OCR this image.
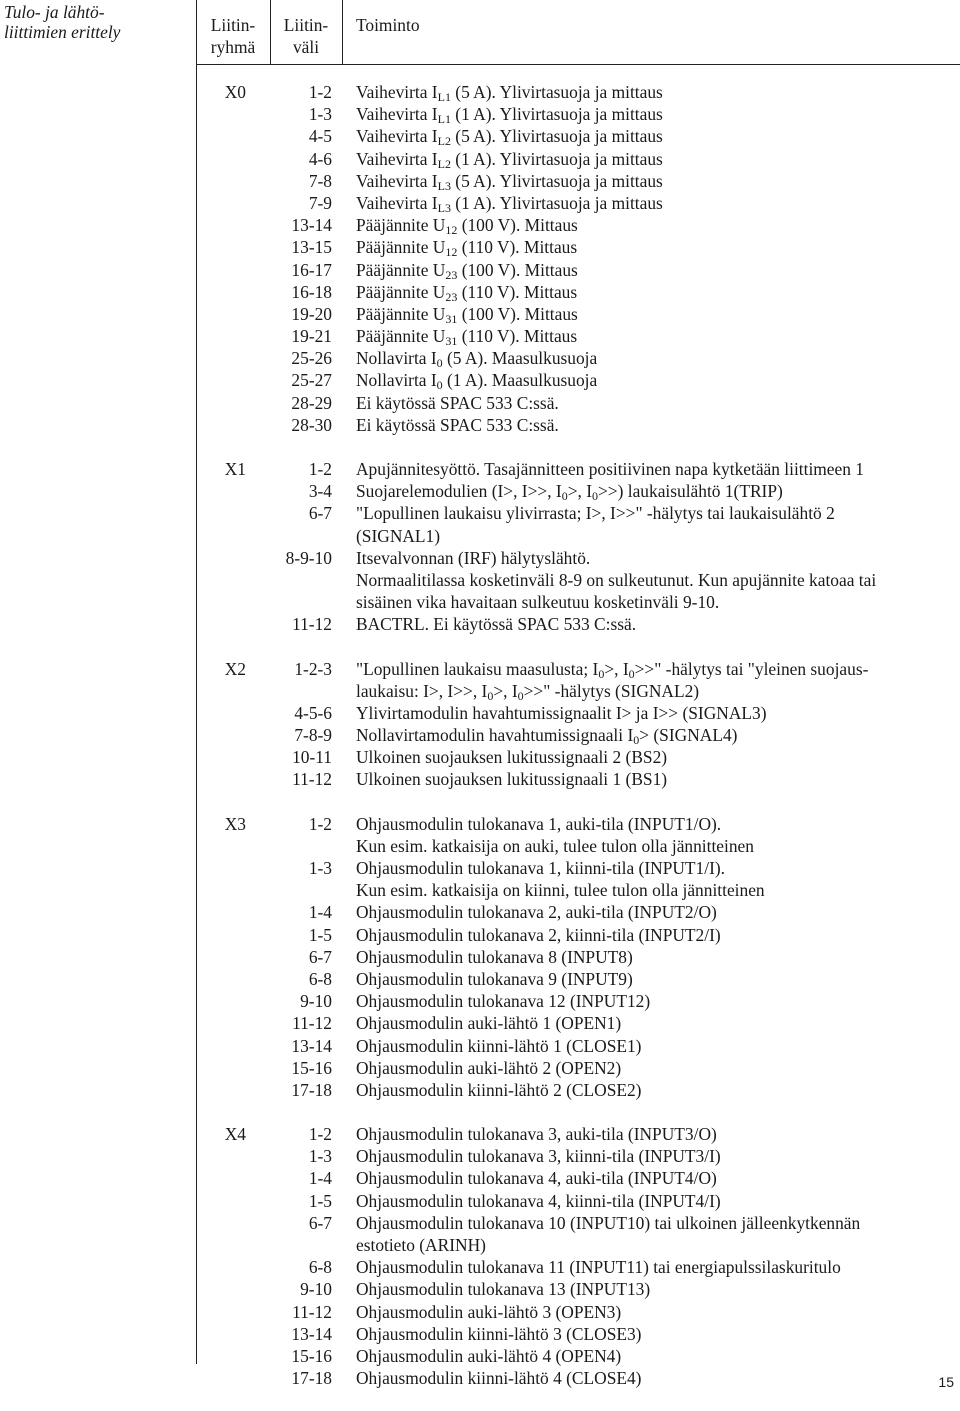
Tulo- ja lähtö-
liittimien erittely	Liitin-
ryhmä
Liitin-
väli
Toiminto
X0	1-2 Vaihevirta $I_{L1}$ (5 A). Ylivirtasuoja ja mittaus
1-3 Vaihevirta $I_{L1}$ (1 A). Ylivirtasuoja ja mittaus
4-5 Vaihevirta $I_{L2}$ (5 A). Ylivirtasuoja ja mittaus
4-6 Vaihevirta $I_{L2}$ (1 A). Ylivirtasuoja ja mittaus
7-8 Vaihevirta $I_{L3}$ (5 A). Ylivirtasuoja ja mittaus
7-9 Vaihevirta $I_{L3}$ (1 A). Ylivirtasuoja ja mittaus
13-14 Pääjännite $U_{12}$ (100 V). Mittaus
13-15 Pääjännite $U_{12}$ (110 V). Mittaus
16-17 Pääjännite $U_{23}$ (100 V). Mittaus
16-18 Pääjännite $U_{23}$ (110 V). Mittaus
19-20 Pääjännite $U_{31}$ (100 V). Mittaus
19-21 Pääjännite $U_{31}$ (110 V). Mittaus
25-26 Nollavirta $I_0$ (5 A). Maasulkusuoja
25-27 Nollavirta $I_0$ (1 A). Maasulkusuoja
28-29 Ei käytössä SPAC 533 C:ssä.
28-30 Ei käytössä SPAC 533 C:ssä.
X1	1-2 Apujännitesyöttö. Tasajännitteen positiivinen napa kytketään liittimeen 1
3-4 Suojarelemodulien (I>, I>>, $I_0>$, $I_0>>$) laukaisulähtö 1(TRIP)
6-7 "Lopullinen laukaisu ylivirrasta; I>, I>>" -hälytys tai laukaisulähtö 2
(SIGNAL1)
8-9-10 Itsevalvonnan (IRF) hälytyslähtö.
Normaalitilassa kosketinväli 8-9 on sulkeutunut. Kun apujännite katoaa tai
sisäinen vika havaitaan sulkeutuu kosketinväli 9-10.
11-12 BACTRL. Ei käytössä SPAC 533 C:ssä.
X2	1-2-3 "Lopullinen laukaisu maasulusta; $I_0>$, $I_0>>$" -hälytys tai "yleinen suojaus-
laukaisu: I>, I>>, $I_0>$, $I_0>>$" -hälytys (SIGNAL2)
4-5-6 Ylivirtamodulin havahtumissignaalit I> ja I>> (SIGNAL3)
7-8-9 Nollavirtamodulin havahtumissignaali $I_0>$ (SIGNAL4)
10-11 Ulkoinen suojauksen lukitussignaali 2 (BS2)
11-12 Ulkoinen suojauksen lukitussignaali 1 (BS1)
X3	1-2 Ohjausmodulin tulokanava 1, auki-tila (INPUT1/O).
Kun esim. katkaisija on auki, tulee tulon olla jännitteinen
1-3 Ohjausmodulin tulokanava 1, kiinni-tila (INPUT1/I).
Kun esim. katkaisija on kiinni, tulee tulon olla jännitteinen
1-4 Ohjausmodulin tulokanava 2, auki-tila (INPUT2/O)
1-5 Ohjausmodulin tulokanava 2, kiinni-tila (INPUT2/I)
6-7 Ohjausmodulin tulokanava 8 (INPUT8)
6-8 Ohjausmodulin tulokanava 9 (INPUT9)
9-10 Ohjausmodulin tulokanava 12 (INPUT12)
11-12 Ohjausmodulin auki-lähtö 1 (OPEN1)
13-14 Ohjausmodulin kiinni-lähtö 1 (CLOSE1)
15-16 Ohjausmodulin auki-lähtö 2 (OPEN2)
17-18 Ohjausmodulin kiinni-lähtö 2 (CLOSE2)
X4	1-2 Ohjausmodulin tulokanava 3, auki-tila (INPUT3/O)
1-3 Ohjausmodulin tulokanava 3, kiinni-tila (INPUT3/I)
1-4 Ohjausmodulin tulokanava 4, auki-tila (INPUT4/O)
1-5 Ohjausmodulin tulokanava 4, kiinni-tila (INPUT4/I)
6-7 Ohjausmodulin tulokanava 10 (INPUT10) tai ulkoinen jälleenkytkennän
estotieto (ARINH)
6-8 Ohjausmodulin tulokanava 11 (INPUT11) tai energiapulssilaskuritulo
9-10 Ohjausmodulin tulokanava 13 (INPUT13)
11-12 Ohjausmodulin auki-lähtö 3 (OPEN3)
13-14 Ohjausmodulin kiinni-lähtö 3 (CLOSE3)
15-16 Ohjausmodulin auki-lähtö 4 (OPEN4)
17-18 Ohjausmodulin kiinni-lähtö 4 (CLOSE4)	15
